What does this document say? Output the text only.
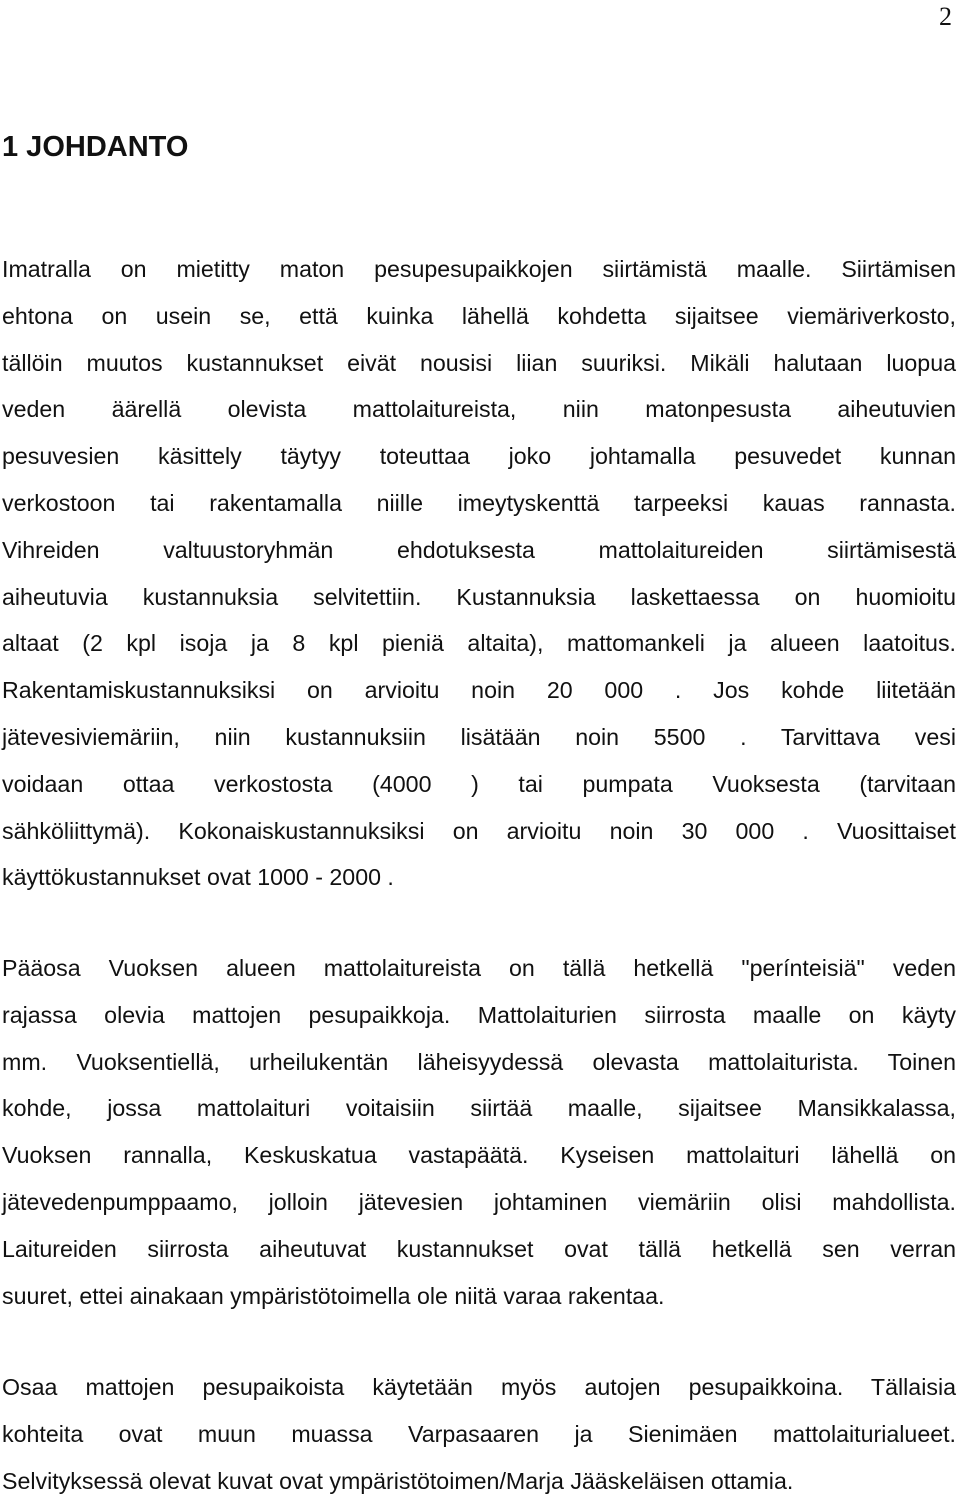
2
1 JOHDANTO
Imatralla on mietitty maton pesupesupaikkojen siirtämistä maalle. Siirtämisen
ehtona on usein se, että kuinka lähellä kohdetta sijaitsee viemäriverkosto,
tällöin muutos kustannukset eivät nousisi liian suuriksi. Mikäli halutaan luopua
veden äärellä olevista mattolaitureista, niin matonpesusta aiheutuvien
pesuvesien käsittely täytyy toteuttaa joko johtamalla pesuvedet kunnan
verkostoon tai rakentamalla niille imeytyskenttä tarpeeksi kauas rannasta.
Vihreiden valtuustoryhmän ehdotuksesta mattolaitureiden siirtämisestä
aiheutuvia kustannuksia selvitettiin. Kustannuksia laskettaessa on huomioitu
altaat (2 kpl isoja ja 8 kpl pieniä altaita), mattomankeli ja alueen laatoitus.
Rakentamiskustannuksiksi on arvioitu noin 20 000 . Jos kohde liitetään
jätevesiviemäriin, niin kustannuksiin lisätään noin 5500 . Tarvittava vesi
voidaan ottaa verkostosta (4000 ) tai pumpata Vuoksesta (tarvitaan
sähköliittymä). Kokonaiskustannuksiksi on arvioitu noin 30 000 . Vuosittaiset
käyttökustannukset ovat 1000 - 2000 .
Pääosa Vuoksen alueen mattolaitureista on tällä hetkellä "perínteisiä" veden
rajassa olevia mattojen pesupaikkoja. Mattolaiturien siirrosta maalle on käyty
mm. Vuoksentiellä, urheilukentän läheisyydessä olevasta mattolaiturista. Toinen
kohde, jossa mattolaituri voitaisiin siirtää maalle, sijaitsee Mansikkalassa,
Vuoksen rannalla, Keskuskatua vastapäätä. Kyseisen mattolaituri lähellä on
jätevedenpumppaamo, jolloin jätevesien johtaminen viemäriin olisi mahdollista.
Laitureiden siirrosta aiheutuvat kustannukset ovat tällä hetkellä sen verran
suuret, ettei ainakaan ympäristötoimella ole niitä varaa rakentaa.
Osaa mattojen pesupaikoista käytetään myös autojen pesupaikkoina. Tällaisia
kohteita ovat muun muassa Varpasaaren ja Sienimäen mattolaiturialueet.
Selvityksessä olevat kuvat ovat ympäristötoimen/Marja Jääskeläisen ottamia.
